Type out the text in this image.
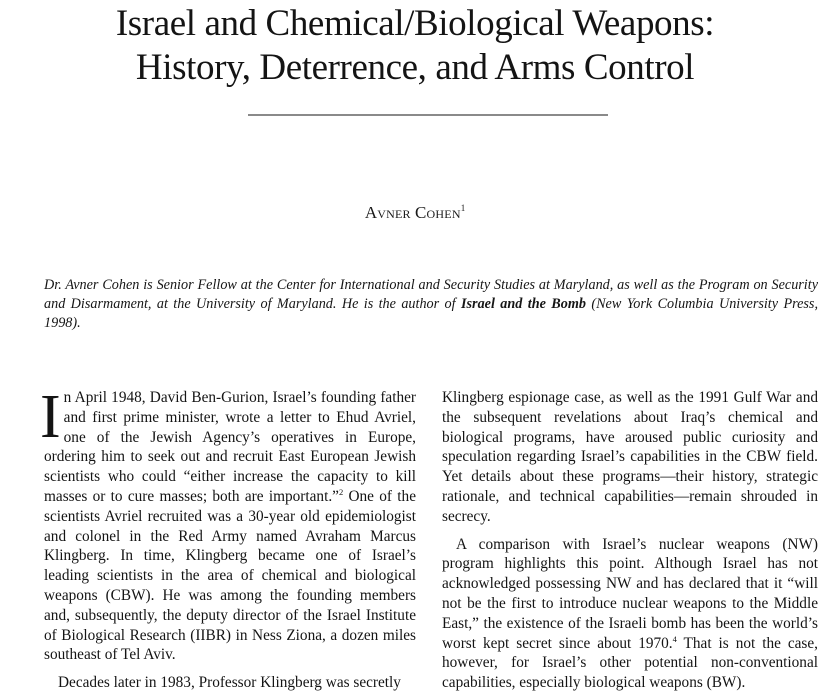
Israel and Chemical/Biological Weapons:
History, Deterrence, and Arms Control
Avner Cohen$^1$
Dr. Avner Cohen is Senior Fellow at the Center for International and Security Studies at Maryland, as well as the Program on Security and Disarmament, at the University of Maryland. He is the author of Israel and the Bomb (New York Columbia University Press, 1998).

In April 1948, David Ben-Gurion, Israel’s founding father and first prime minister, wrote a letter to Ehud Avriel, one of the Jewish Agency’s operatives in Europe, ordering him to seek out and recruit East European Jewish scientists who could “either increase the capacity to kill masses or to cure masses; both are important.”$^2$ One of the scientists Avriel recruited was a 30-year old epidemiologist and colonel in the Red Army named Avraham Marcus Klingberg. In time, Klingberg became one of Israel’s leading scientists in the area of chemical and biological weapons (CBW). He was among the founding members and, subsequently, the deputy director of the Israel Institute of Biological Research (IIBR) in Ness Ziona, a dozen miles southeast of Tel Aviv.

Decades later in 1983, Professor Klingberg was secretly

Klingberg espionage case, as well as the 1991 Gulf War and the subsequent revelations about Iraq’s chemical and biological programs, have aroused public curiosity and speculation regarding Israel’s capabilities in the CBW field. Yet details about these programs—their history, strategic rationale, and technical capabilities—remain shrouded in secrecy.

A comparison with Israel’s nuclear weapons (NW) program highlights this point. Although Israel has not acknowledged possessing NW and has declared that it “will not be the first to introduce nuclear weapons to the Middle East,” the existence of the Israeli bomb has been the world’s worst kept secret since about 1970.$^4$ That is not the case, however, for Israel’s other potential non-conventional capabilities, especially biological weapons (BW).
